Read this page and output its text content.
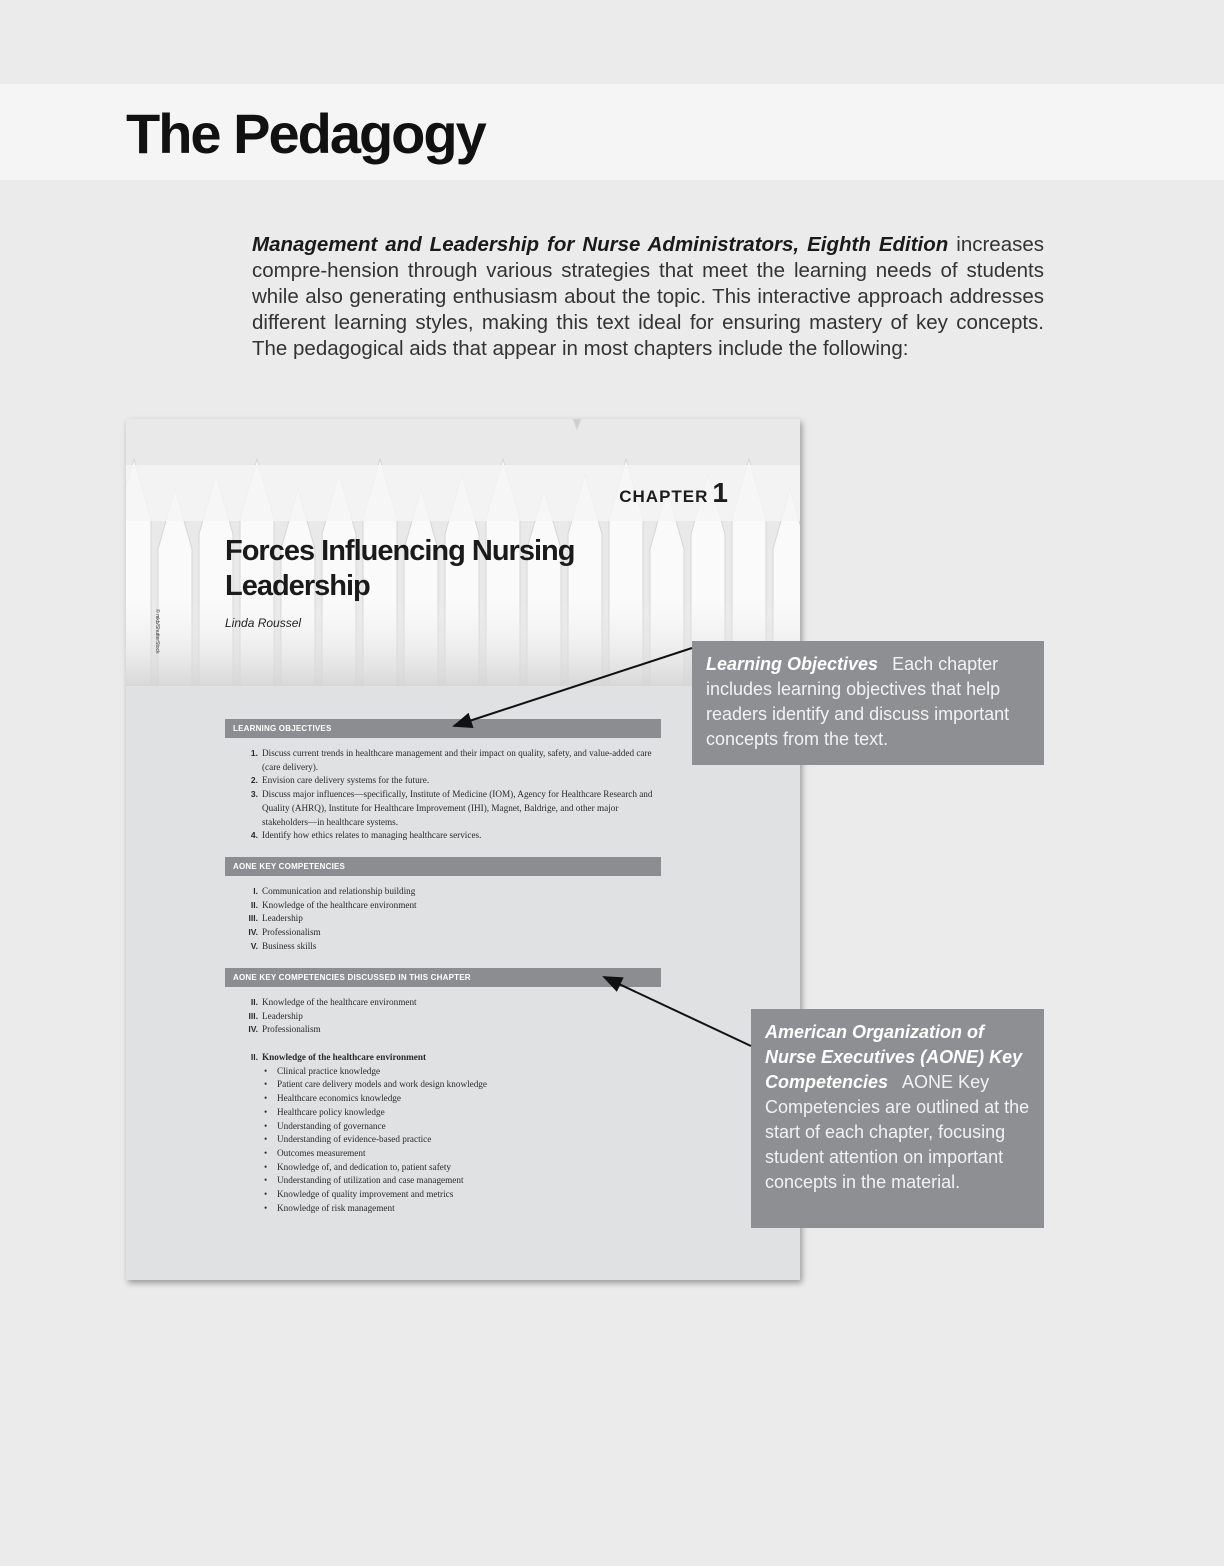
The Pedagogy

Management and Leadership for Nurse Administrators, Eighth Edition increases compre-hension through various strategies that meet the learning needs of students while also generating enthusiasm about the topic. This interactive approach addresses different learning styles, making this text ideal for ensuring mastery of key concepts. The pedagogical aids that appear in most chapters include the following:

CHAPTER 1
Forces Influencing Nursing
Leadership
Linda Roussel
© mkb/ShutterStock
LEARNING OBJECTIVES
1. Discuss current trends in healthcare management and their impact on quality, safety, and value-added care (care delivery).
2. Envision care delivery systems for the future.
3. Discuss major influences—specifically, Institute of Medicine (IOM), Agency for Healthcare Research and Quality (AHRQ), Institute for Healthcare Improvement (IHI), Magnet, Baldrige, and other major stakeholders—in healthcare systems.
4. Identify how ethics relates to managing healthcare services.
AONE KEY COMPETENCIES
I. Communication and relationship building
II. Knowledge of the healthcare environment
III. Leadership
IV. Professionalism
V. Business skills
AONE KEY COMPETENCIES DISCUSSED IN THIS CHAPTER
II. Knowledge of the healthcare environment
III. Leadership
IV. Professionalism
II. Knowledge of the healthcare environment
• Clinical practice knowledge
• Patient care delivery models and work design knowledge
• Healthcare economics knowledge
• Healthcare policy knowledge
• Understanding of governance
• Understanding of evidence-based practice
• Outcomes measurement
• Knowledge of, and dedication to, patient safety
• Understanding of utilization and case management
• Knowledge of quality improvement and metrics
• Knowledge of risk management
Learning Objectives Each chapter includes learning objectives that help readers identify and discuss important concepts from the text.
American Organization of Nurse Executives (AONE) Key Competencies AONE Key Competencies are outlined at the start of each chapter, focusing student attention on important concepts in the material.
